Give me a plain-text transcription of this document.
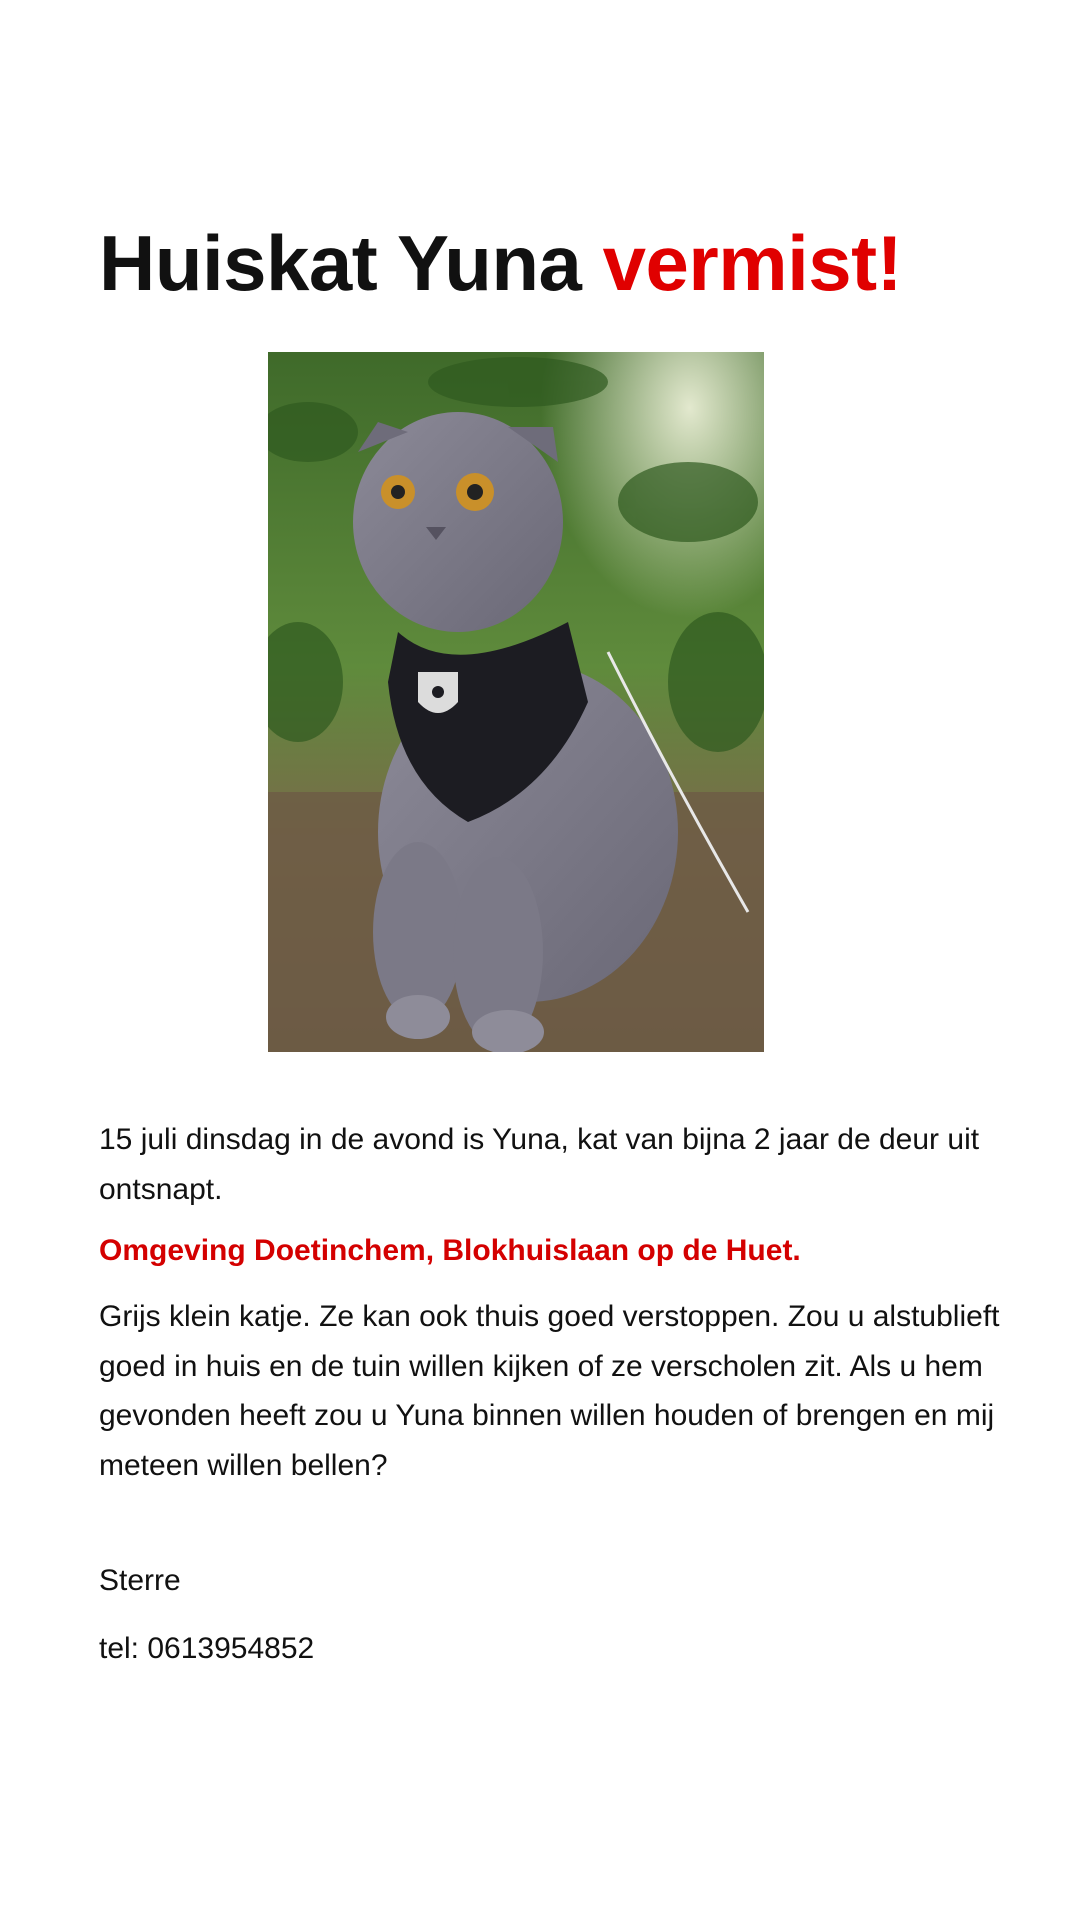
Huiskat Yuna vermist!

15 juli dinsdag in de avond is Yuna, kat van bijna 2 jaar de deur uit ontsnapt.

Omgeving Doetinchem, Blokhuislaan op de Huet.

Grijs klein katje. Ze kan ook thuis goed verstoppen. Zou u alstublieft goed in huis en de tuin willen kijken of ze verscholen zit. Als u hem gevonden heeft zou u Yuna binnen willen houden of brengen en mij meteen willen bellen?

Sterre

tel: 0613954852
